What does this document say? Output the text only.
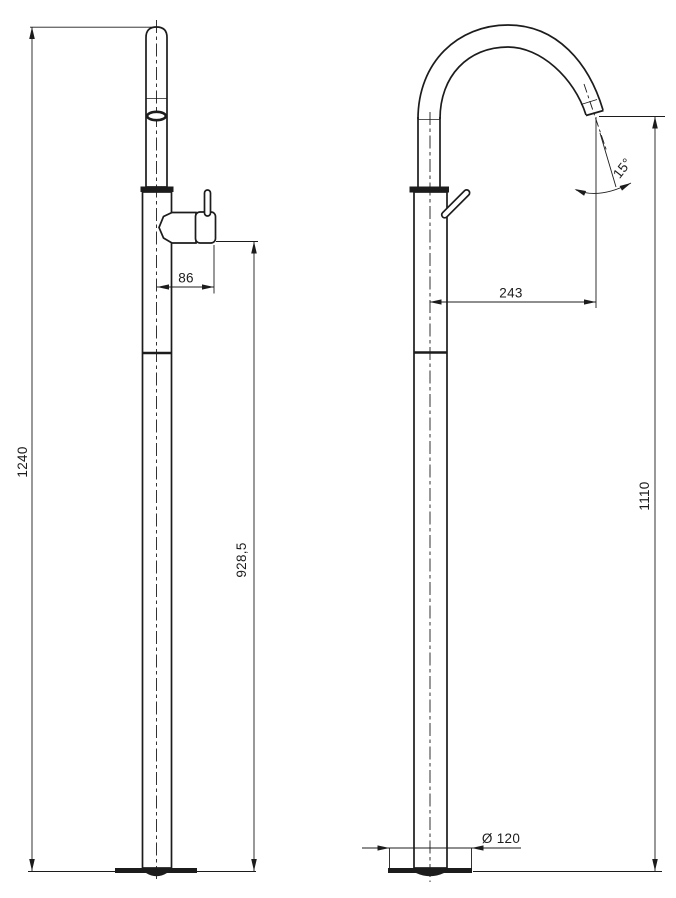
1240
86
928,5
243
15°
1110
Ø 120
